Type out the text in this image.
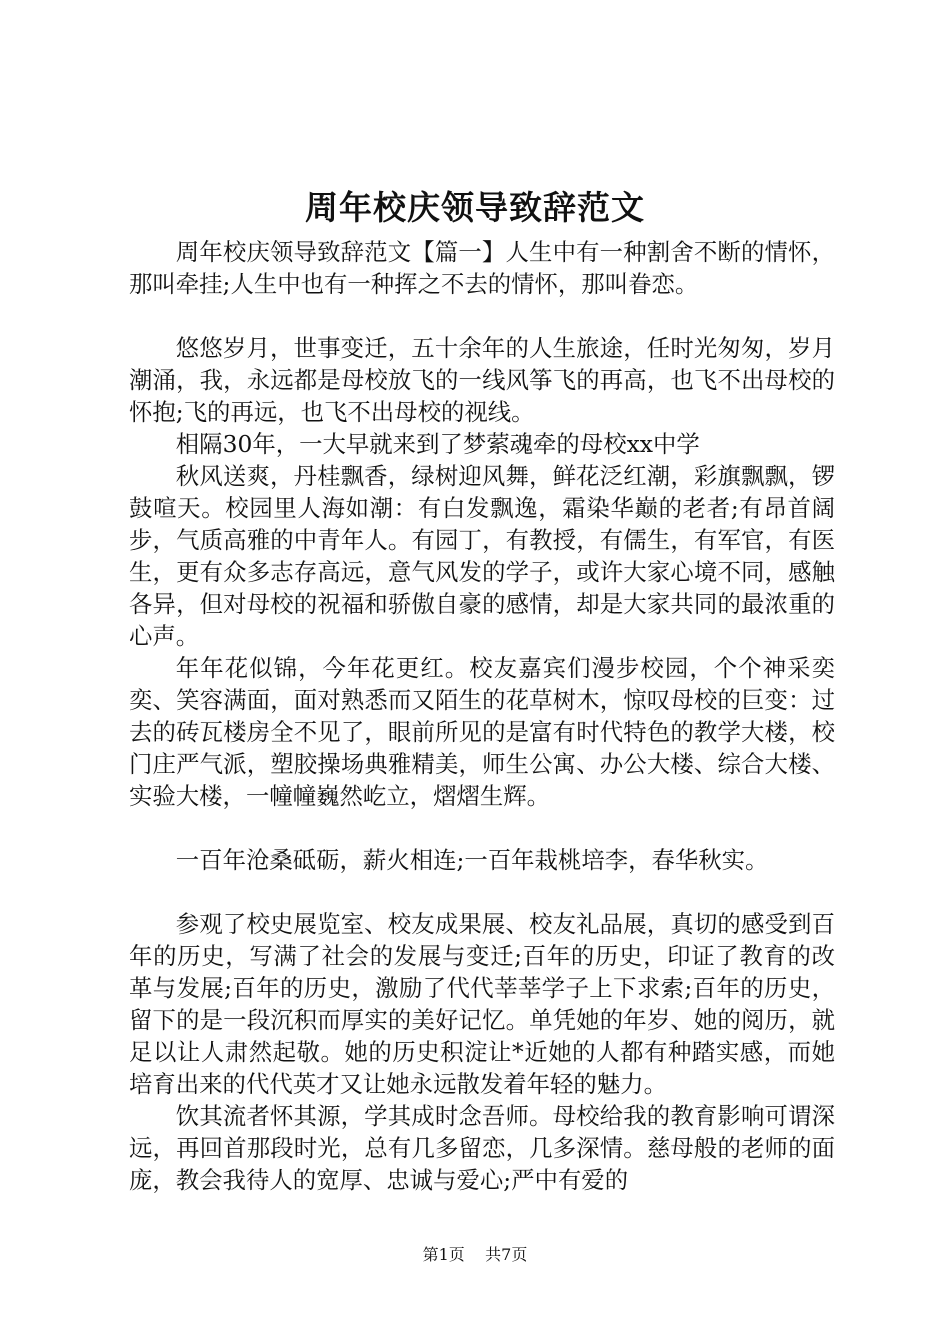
周年校庆领导致辞范文

周年校庆领导致辞范文【篇一】人生中有一种割舍不断的情怀，那叫牵挂;人生中也有一种挥之不去的情怀，那叫眷恋。

悠悠岁月，世事变迁，五十余年的人生旅途，任时光匆匆，岁月潮涌，我，永远都是母校放飞的一线风筝飞的再高，也飞不出母校的怀抱;飞的再远，也飞不出母校的视线。

相隔30年，一大早就来到了梦萦魂牵的母校xx中学

秋风送爽，丹桂飘香，绿树迎风舞，鲜花泛红潮，彩旗飘飘，锣鼓喧天。校园里人海如潮：有白发飘逸，霜染华巅的老者;有昂首阔步，气质高雅的中青年人。有园丁，有教授，有儒生，有军官，有医生，更有众多志存高远，意气风发的学子，或许大家心境不同，感触各异，但对母校的祝福和骄傲自豪的感情，却是大家共同的最浓重的心声。

年年花似锦，今年花更红。校友嘉宾们漫步校园，个个神采奕奕、笑容满面，面对熟悉而又陌生的花草树木，惊叹母校的巨变：过去的砖瓦楼房全不见了，眼前所见的是富有时代特色的教学大楼，校门庄严气派，塑胶操场典雅精美，师生公寓、办公大楼、综合大楼、实验大楼，一幢幢巍然屹立，熠熠生辉。

一百年沧桑砥砺，薪火相连;一百年栽桃培李，春华秋实。

参观了校史展览室、校友成果展、校友礼品展，真切的感受到百年的历史，写满了社会的发展与变迁;百年的历史，印证了教育的改革与发展;百年的历史，激励了代代莘莘学子上下求索;百年的历史，留下的是一段沉积而厚实的美好记忆。单凭她的年岁、她的阅历，就足以让人肃然起敬。她的历史积淀让*近她的人都有种踏实感，而她培育出来的代代英才又让她永远散发着年轻的魅力。

饮其流者怀其源，学其成时念吾师。母校给我的教育影响可谓深远，再回首那段时光，总有几多留恋，几多深情。慈母般的老师的面庞，教会我待人的宽厚、忠诚与爱心;严中有爱的

第1页 共7页
